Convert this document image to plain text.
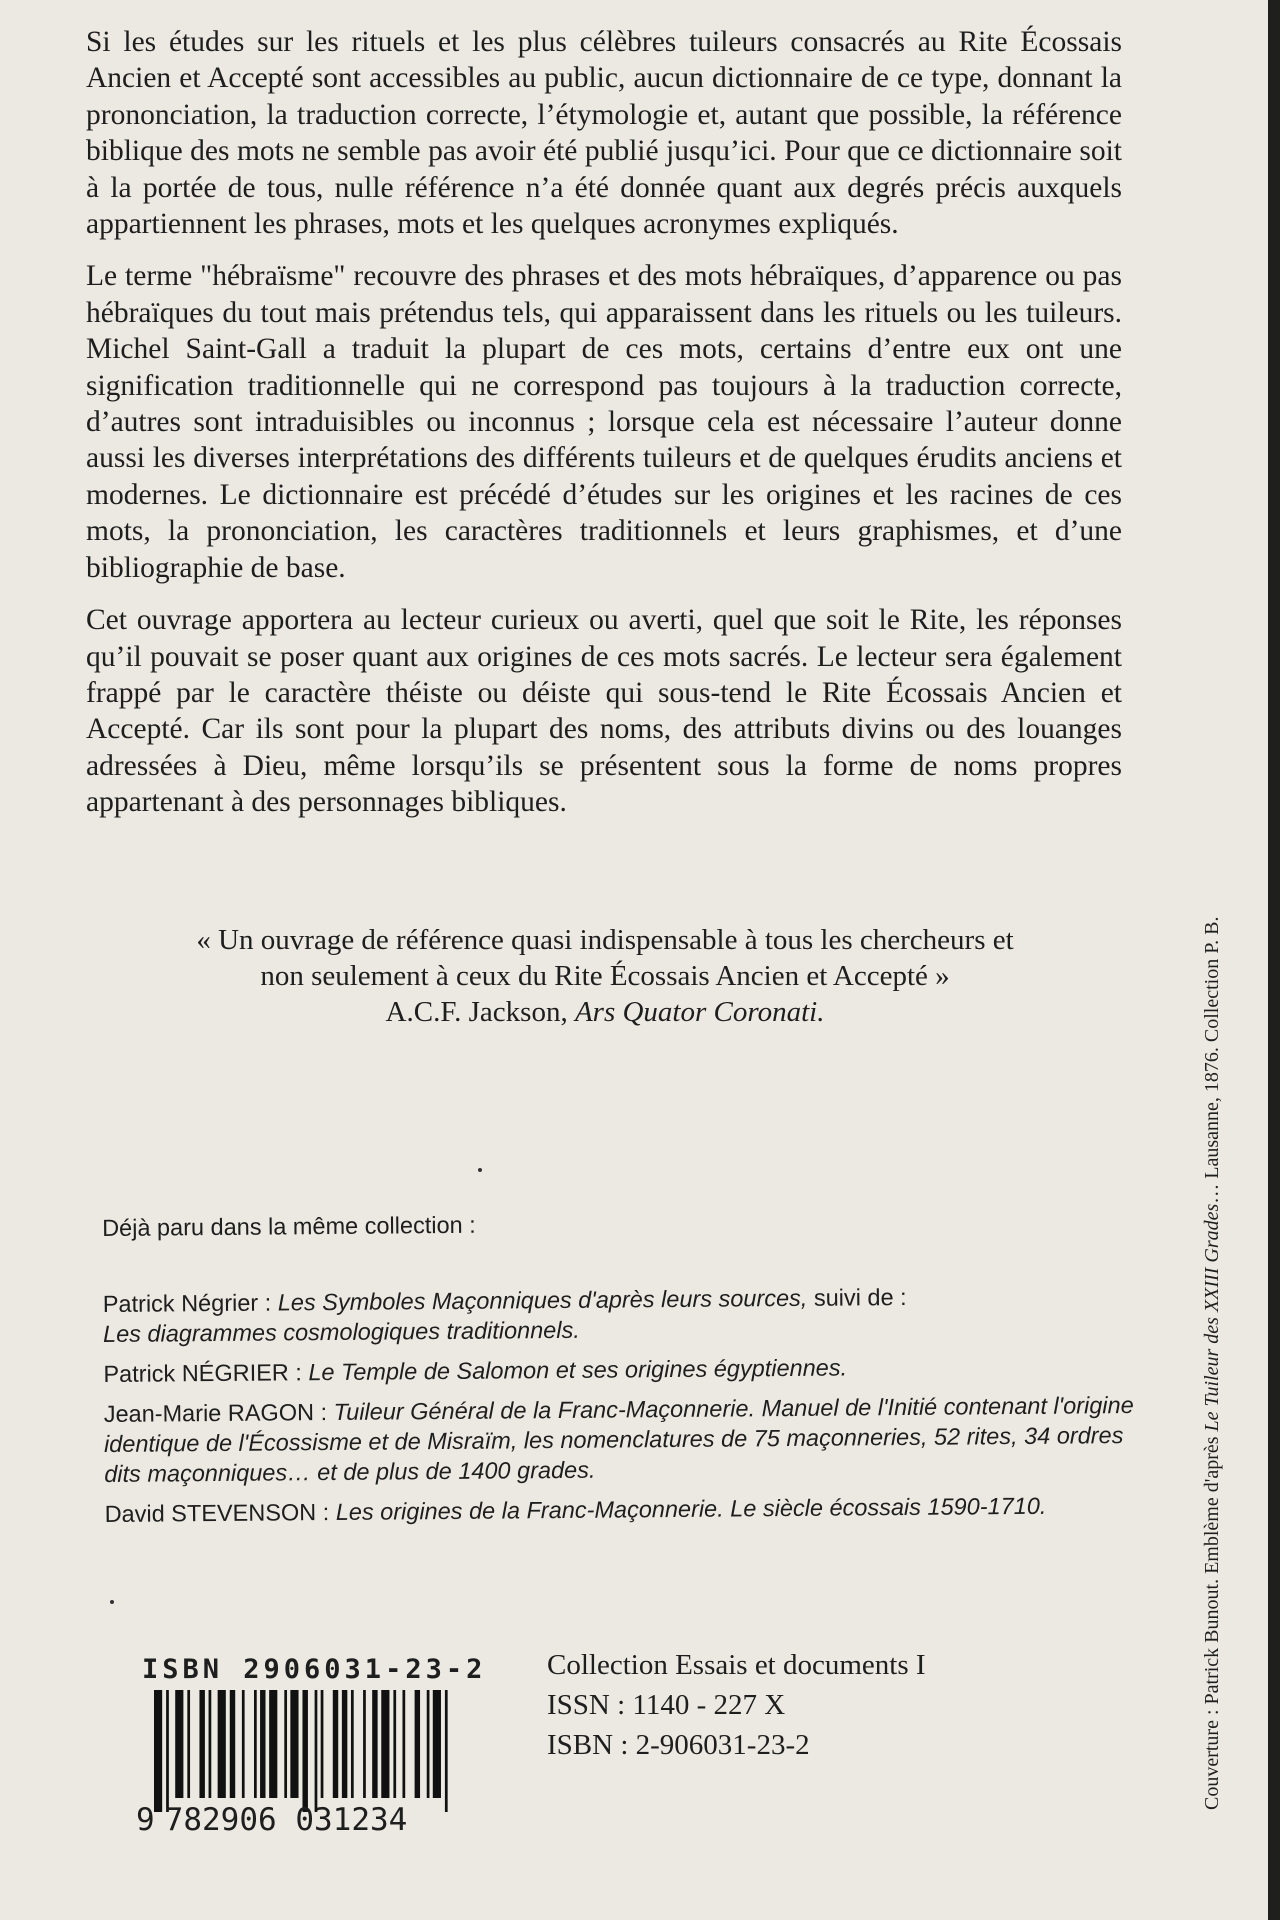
Si les études sur les rituels et les plus célèbres tuileurs consacrés au Rite Écossais Ancien et Accepté sont accessibles au public, aucun dictionnaire de ce type, donnant la prononciation, la traduction correcte, l’étymologie et, autant que possible, la référence biblique des mots ne semble pas avoir été publié jusqu’ici. Pour que ce dictionnaire soit à la portée de tous, nulle référence n’a été donnée quant aux degrés précis auxquels appartiennent les phrases, mots et les quelques acronymes expliqués.

Le terme "hébraïsme" recouvre des phrases et des mots hébraïques, d’apparence ou pas hébraïques du tout mais prétendus tels, qui apparaissent dans les rituels ou les tuileurs. Michel Saint-Gall a traduit la plupart de ces mots, certains d’entre eux ont une signification traditionnelle qui ne correspond pas toujours à la traduction correcte, d’autres sont intraduisibles ou inconnus ; lorsque cela est nécessaire l’auteur donne aussi les diverses interprétations des différents tuileurs et de quelques érudits anciens et modernes. Le dictionnaire est précédé d’études sur les origines et les racines de ces mots, la prononciation, les caractères traditionnels et leurs graphismes, et d’une bibliographie de base.

Cet ouvrage apportera au lecteur curieux ou averti, quel que soit le Rite, les réponses qu’il pouvait se poser quant aux origines de ces mots sacrés. Le lecteur sera également frappé par le caractère théiste ou déiste qui sous-tend le Rite Écossais Ancien et Accepté. Car ils sont pour la plupart des noms, des attributs divins ou des louanges adressées à Dieu, même lorsqu’ils se présentent sous la forme de noms propres appartenant à des personnages bibliques.

« Un ouvrage de référence quasi indispensable à tous les chercheurs et
non seulement à ceux du Rite Écossais Ancien et Accepté »
A.C.F. Jackson, Ars Quator Coronati.
Déjà paru dans la même collection :
Patrick Négrier : Les Symboles Maçonniques d'après leurs sources, suivi de :
Les diagrammes cosmologiques traditionnels.
Patrick NÉGRIER : Le Temple de Salomon et ses origines égyptiennes.
Jean-Marie RAGON : Tuileur Général de la Franc-Maçonnerie. Manuel de l'Initié contenant l'origine identique de l'Écossisme et de Misraïm, les nomenclatures de 75 maçonneries, 52 rites, 34 ordres dits maçonniques… et de plus de 1400 grades.
David STEVENSON : Les origines de la Franc-Maçonnerie. Le siècle écossais 1590-1710.
ISBN 2906031-23-2
9 782906 031234
Collection Essais et documents I
ISSN : 1140 - 227 X
ISBN : 2-906031-23-2	Couverture : Patrick Bunout. Emblème d'après Le Tuileur des XXIII Grades… Lausanne, 1876. Collection P. B.
